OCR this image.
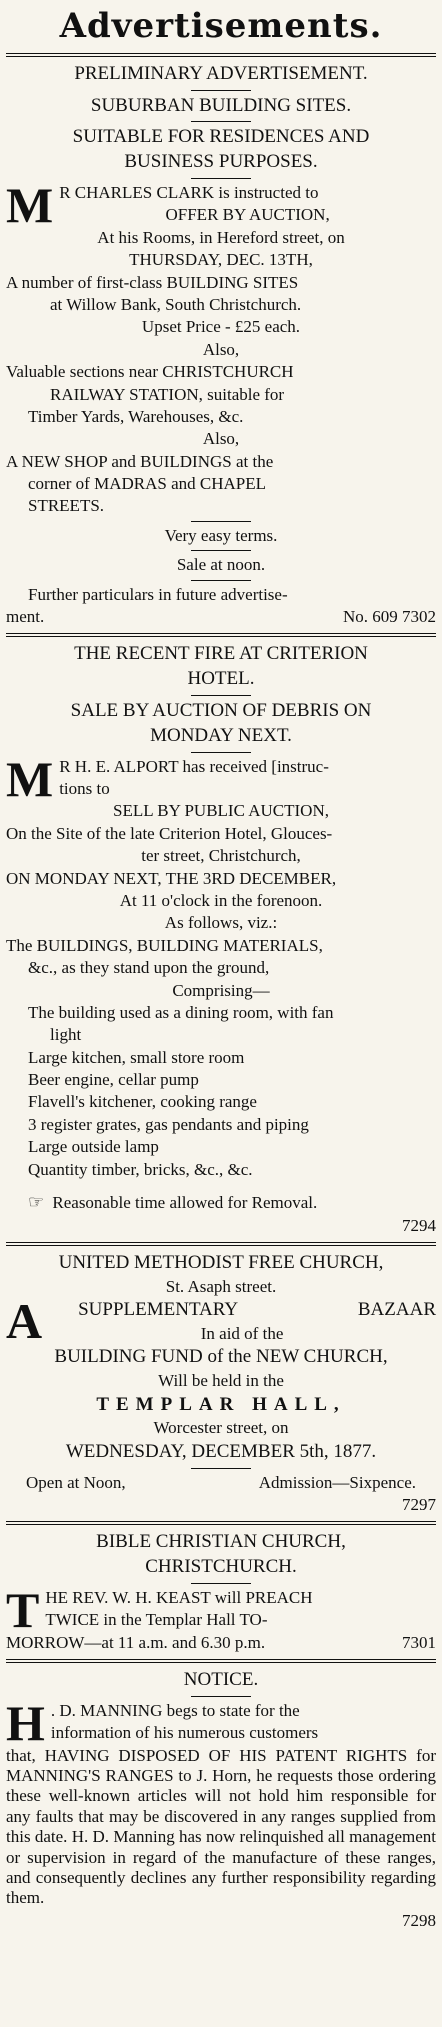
Advertisements.

PRELIMINARY ADVERTISEMENT.

SUBURBAN BUILDING SITES.

SUITABLE FOR RESIDENCES AND

BUSINESS PURPOSES.

M R CHARLES CLARK is instructed to

OFFER BY AUCTION,

At his Rooms, in Hereford street, on

THURSDAY, DEC. 13TH,

A number of first-class BUILDING SITES

at Willow Bank, South Christchurch.

Upset Price - £25 each.

Also,

Valuable sections near CHRISTCHURCH

RAILWAY STATION, suitable for

Timber Yards, Warehouses, &c.

Also,

A NEW SHOP and BUILDINGS at the

corner of MADRAS and CHAPEL

STREETS.

Very easy terms.

Sale at noon.

Further particulars in future advertise-

ment.	No. 609 7302

THE RECENT FIRE AT CRITERION

HOTEL.

SALE BY AUCTION OF DEBRIS ON

MONDAY NEXT.

M R H. E. ALPORT has received [instruc-

tions to

SELL BY PUBLIC AUCTION,

On the Site of the late Criterion Hotel, Glouces-

ter street, Christchurch,

ON MONDAY NEXT, THE 3RD DECEMBER,

At 11 o'clock in the forenoon.

As follows, viz.:

The BUILDINGS, BUILDING MATERIALS,

&c., as they stand upon the ground,

Comprising—

The building used as a dining room, with fan

light

Large kitchen, small store room

Beer engine, cellar pump

Flavell's kitchener, cooking range

3 register grates, gas pendants and piping

Large outside lamp

Quantity timber, bricks, &c., &c.

☞ Reasonable time allowed for Removal.

7294

UNITED METHODIST FREE CHURCH,

St. Asaph street.

A SUPPLEMENTARY	BAZAAR

In aid of the

BUILDING FUND of the NEW CHURCH,

Will be held in the

TEMPLAR HALL,

Worcester street, on

WEDNESDAY, DECEMBER 5th, 1877.

Open at Noon,	Admission—Sixpence.

7297

BIBLE CHRISTIAN CHURCH,

CHRISTCHURCH.

T HE REV. W. H. KEAST will PREACH

TWICE in the Templar Hall TO-

MORROW—at 11 a.m. and 6.30 p.m.	7301

NOTICE.

H . D. MANNING begs to state for the

information of his numerous customers

that, HAVING DISPOSED OF HIS PATENT RIGHTS for MANNING'S RANGES to J. Horn, he requests those ordering these well-known articles will not hold him responsible for any faults that may be discovered in any ranges supplied from this date. H. D. Manning has now relinquished all management or supervision in regard of the manufacture of these ranges, and consequently declines any further responsibility regarding them.

7298
